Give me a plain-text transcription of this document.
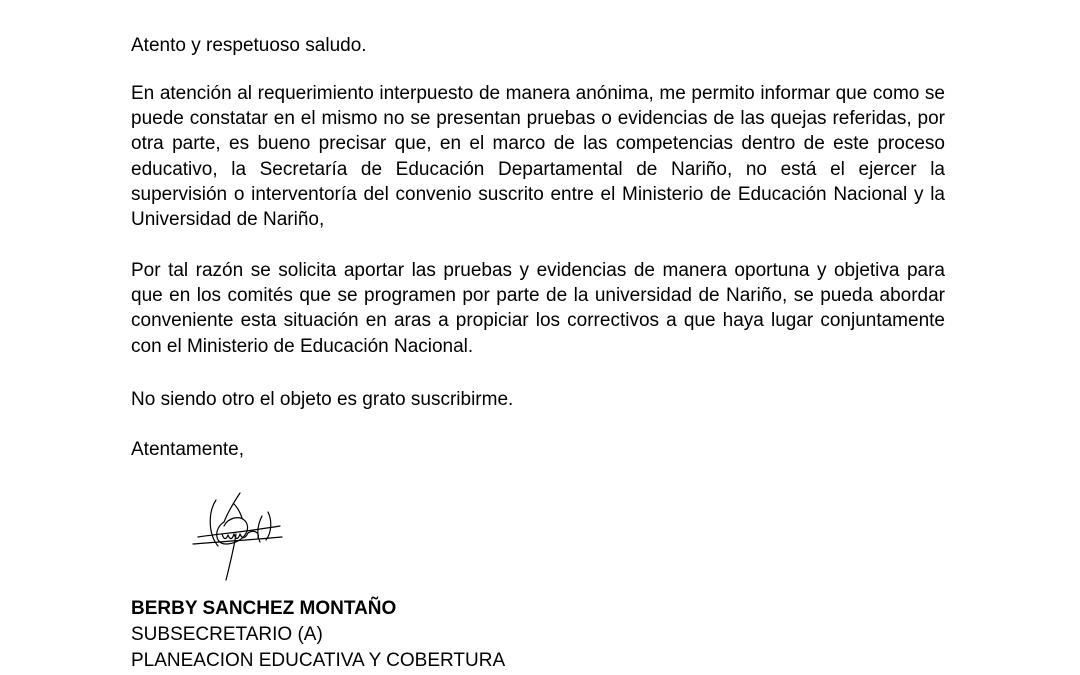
Atento y respetuoso saludo.

En atención al requerimiento interpuesto de manera anónima, me permito informar que como se puede constatar en el mismo no se presentan pruebas o evidencias de las quejas referidas, por otra parte, es bueno precisar que, en el marco de las competencias dentro de este proceso educativo, la Secretaría de Educación Departamental de Nariño, no está el ejercer la supervisión o interventoría del convenio suscrito entre el Ministerio de Educación Nacional y la Universidad de Nariño,

Por tal razón se solicita aportar las pruebas y evidencias de manera oportuna y objetiva para que en los comités que se programen por parte de la universidad de Nariño, se pueda abordar conveniente esta situación en aras a propiciar los correctivos a que haya lugar conjuntamente con el Ministerio de Educación Nacional.

No siendo otro el objeto es grato suscribirme.

Atentamente,

BERBY SANCHEZ MONTAÑO
SUBSECRETARIO (A)
PLANEACION EDUCATIVA Y COBERTURA
